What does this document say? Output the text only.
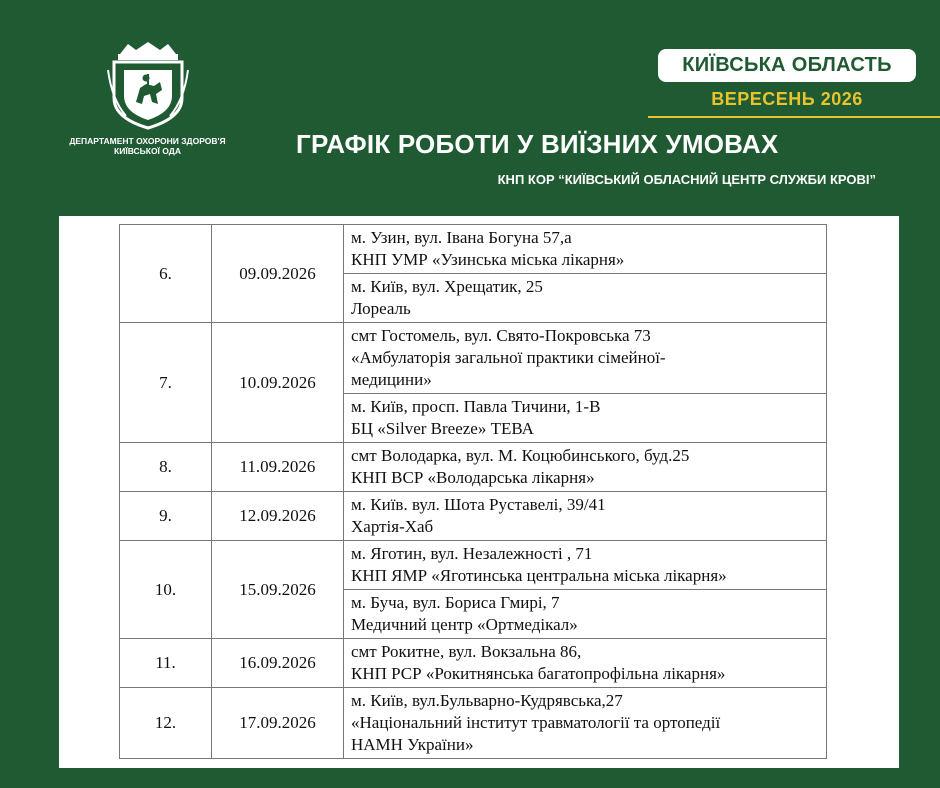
ДЕПАРТАМЕНТ ОХОРОНИ ЗДОРОВ'Я КИЇВСЬКОЇ ОДА
КИЇВСЬКА ОБЛАСТЬ
ВЕРЕСЕНЬ 2026
ГРАФІК РОБОТИ У ВИЇЗНИХ УМОВАХ
КНП КОР “КИЇВСЬКИЙ ОБЛАСНИЙ ЦЕНТР СЛУЖБИ КРОВІ”
6.	09.09.2026	м. Узин, вул. Івана Богуна 57,а
КНП УМР «Узинська міська лікарня»

		м. Київ, вул. Хрещатик, 25
Лореаль

7.	10.09.2026	смт Гостомель, вул. Свято-Покровська 73
«Амбулаторія загальної практики сімейної-
медицини»

		м. Київ, просп. Павла Тичини, 1-В
БЦ «Silver Breeze» ТЕВА

8.	11.09.2026	смт Володарка, вул. М. Коцюбинського, буд.25
КНП ВСР «Володарська лікарня»

9.	12.09.2026	м. Київ. вул. Шота Руставелі, 39/41
Хартія-Хаб

10.	15.09.2026	м. Яготин, вул. Незалежності , 71
КНП ЯМР «Яготинська центральна міська лікарня»

		м. Буча, вул. Бориса Гмирі, 7
Медичний центр «Ортмедікал»

11.	16.09.2026	смт Рокитне, вул. Вокзальна 86,
КНП РСР «Рокитнянська багатопрофільна лікарня»

12.	17.09.2026	м. Київ, вул.Бульварно-Кудрявська,27
«Національний інститут травматології та ортопедії
НАМН України»
